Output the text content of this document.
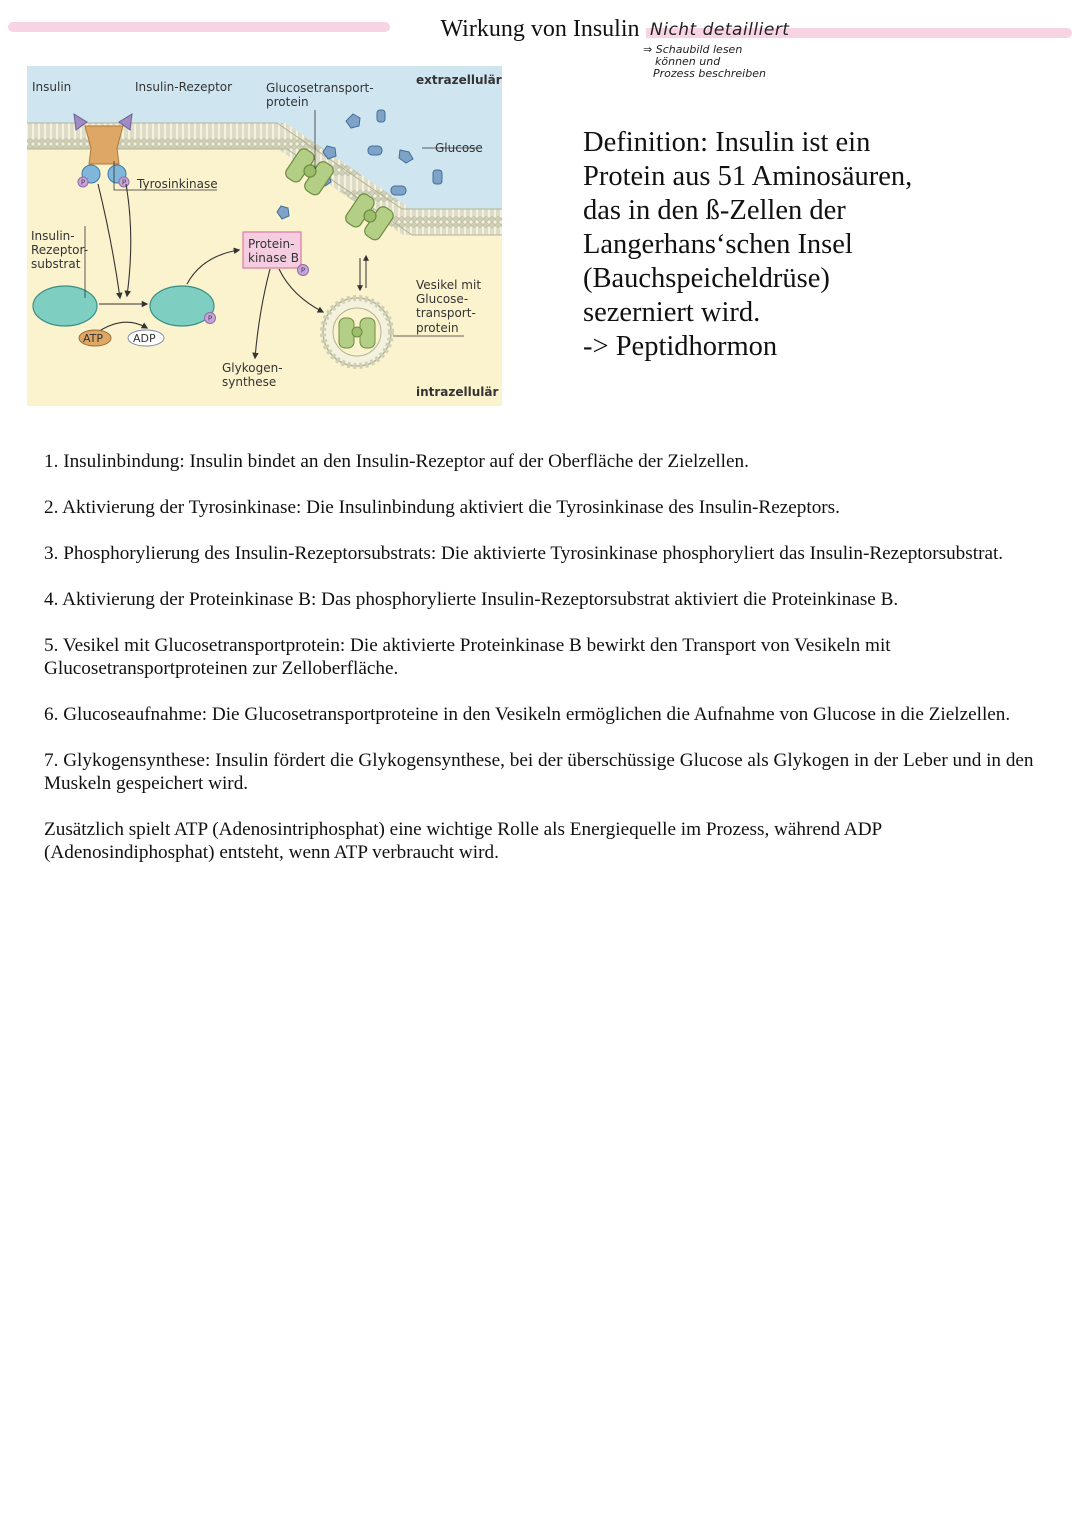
Wirkung von Insulin Nicht detailliert
⇒ Schaubild lesen
können und
Prozess beschreiben
Insulin	Insulin-Rezeptor	Glucosetransport-
protein
extrazellulär
Glucose
Tyrosinkinase
Insulin-
Rezeptor-
substrat
Protein-
kinase B
Vesikel mit
Glucose-
transport-
protein
ATP	ADP
Glykogen-
synthese
intrazellulär
P	P
P
P
Definition: Insulin ist ein
Protein aus 51 Aminosäuren,
das in den ß-Zellen der
Langerhans‘schen Insel
(Bauchspeicheldrüse)
sezerniert wird.
-> Peptidhormon

1. Insulinbindung: Insulin bindet an den Insulin-Rezeptor auf der Oberfläche der Zielzellen.

2. Aktivierung der Tyrosinkinase: Die Insulinbindung aktiviert die Tyrosinkinase des Insulin-Rezeptors.

3. Phosphorylierung des Insulin-Rezeptorsubstrats: Die aktivierte Tyrosinkinase phosphoryliert das Insulin-Rezeptorsubstrat.

4. Aktivierung der Proteinkinase B: Das phosphorylierte Insulin-Rezeptorsubstrat aktiviert die Proteinkinase B.

5. Vesikel mit Glucosetransportprotein: Die aktivierte Proteinkinase B bewirkt den Transport von Vesikeln mit Glucosetransportproteinen zur Zelloberfläche.

6. Glucoseaufnahme: Die Glucosetransportproteine in den Vesikeln ermöglichen die Aufnahme von Glucose in die Zielzellen.

7. Glykogensynthese: Insulin fördert die Glykogensynthese, bei der überschüssige Glucose als Glykogen in der Leber und in den Muskeln gespeichert wird.

Zusätzlich spielt ATP (Adenosintriphosphat) eine wichtige Rolle als Energiequelle im Prozess, während ADP (Adenosindiphosphat) entsteht, wenn ATP verbraucht wird.
